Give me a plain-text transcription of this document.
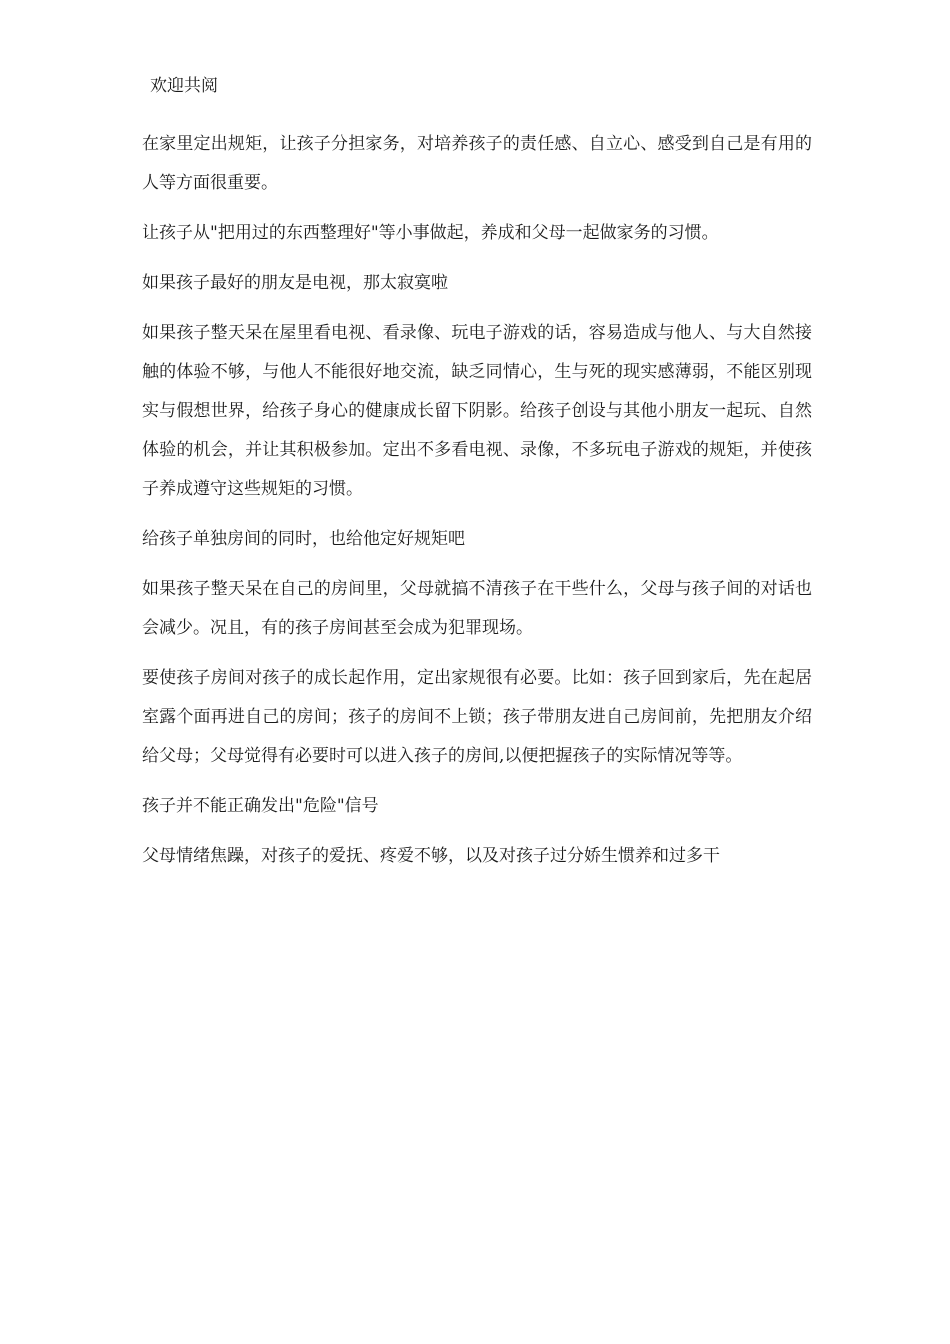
欢迎共阅

在家里定出规矩，让孩子分担家务，对培养孩子的责任感、自立心、感受到自己是有用的人等方面很重要。

让孩子从"把用过的东西整理好"等小事做起，养成和父母一起做家务的习惯。

如果孩子最好的朋友是电视，那太寂寞啦

如果孩子整天呆在屋里看电视、看录像、玩电子游戏的话，容易造成与他人、与大自然接触的体验不够，与他人不能很好地交流，缺乏同情心，生与死的现实感薄弱，不能区别现实与假想世界，给孩子身心的健康成长留下阴影。给孩子创设与其他小朋友一起玩、自然体验的机会，并让其积极参加。定出不多看电视、录像，不多玩电子游戏的规矩，并使孩子养成遵守这些规矩的习惯。

给孩子单独房间的同时，也给他定好规矩吧

如果孩子整天呆在自己的房间里，父母就搞不清孩子在干些什么，父母与孩子间的对话也会减少。况且，有的孩子房间甚至会成为犯罪现场。

要使孩子房间对孩子的成长起作用，定出家规很有必要。比如：孩子回到家后，先在起居室露个面再进自己的房间；孩子的房间不上锁；孩子带朋友进自己房间前，先把朋友介绍给父母；父母觉得有必要时可以进入孩子的房间,以便把握孩子的实际情况等等。

孩子并不能正确发出"危险"信号

父母情绪焦躁，对孩子的爱抚、疼爱不够，以及对孩子过分娇生惯养和过多干
